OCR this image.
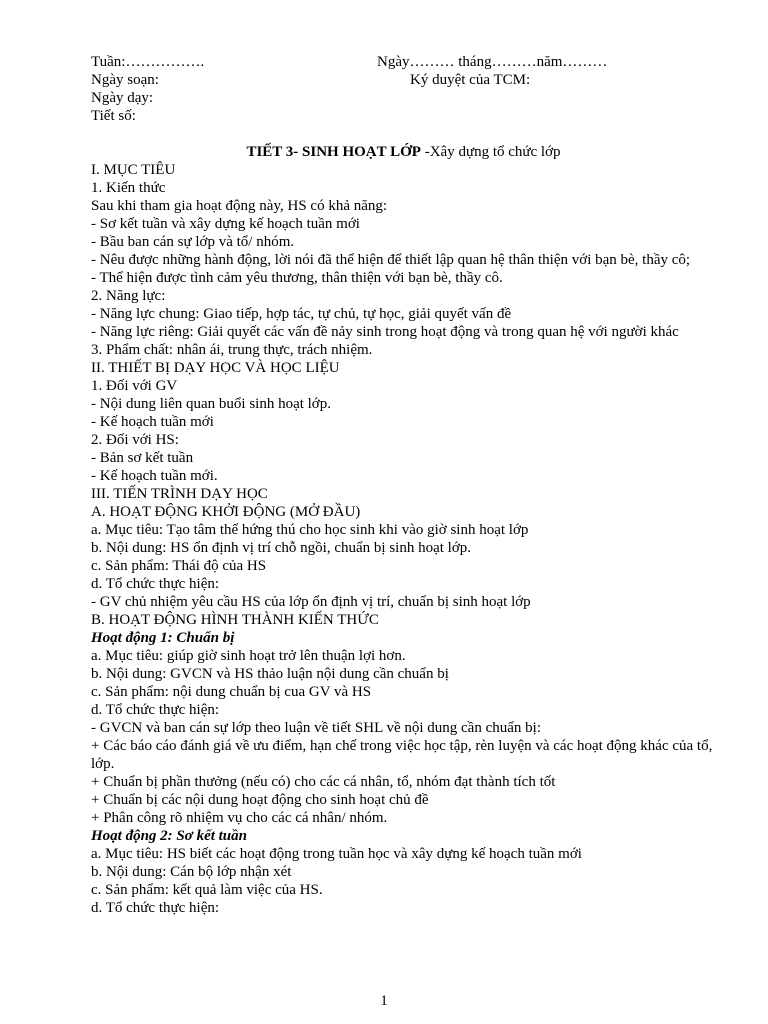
Tuần:…………….	Ngày……… tháng………năm………
Ngày soạn:	Ký duyệt của TCM:
Ngày dạy:
Tiết số:
TIẾT 3- SINH HOẠT LỚP -Xây dựng tổ chức lớp

I. MỤC TIÊU

1. Kiến thức

Sau khi tham gia hoạt động này, HS có khả năng:

- Sơ kết tuần và xây dựng kế hoạch tuần mới

- Bầu ban cán sự lớp và tổ/ nhóm.

- Nêu được những hành động, lời nói đã thể hiện để thiết lập quan hệ thân thiện với bạn bè, thầy cô;

- Thể hiện được tình cảm yêu thương, thân thiện với bạn bè, thầy cô.

2. Năng lực:

- Năng lực chung: Giao tiếp, hợp tác, tự chủ, tự học, giải quyết vấn đề

- Năng lực riêng: Giải quyết các vấn đề nảy sinh trong hoạt động và trong quan hệ với người khác

3. Phẩm chất: nhân ái, trung thực, trách nhiệm.

II. THIẾT BỊ DẠY HỌC VÀ HỌC LIỆU

1. Đối với GV

- Nội dung liên quan buổi sinh hoạt lớp.

- Kế hoạch tuần mới

2. Đối với HS:

- Bản sơ kết tuần

- Kế hoạch tuần mới.

III. TIẾN TRÌNH DẠY HỌC

A. HOẠT ĐỘNG KHỞI ĐỘNG (MỞ ĐẦU)

a. Mục tiêu: Tạo tâm thế hứng thú cho học sinh khi vào giờ sinh hoạt lớp

b. Nội dung: HS ổn định vị trí chỗ ngồi, chuẩn bị sinh hoạt lớp.

c. Sản phẩm: Thái độ của HS

d. Tổ chức thực hiện:

- GV chủ nhiệm yêu cầu HS của lớp ổn định vị trí, chuẩn bị sinh hoạt lớp

B. HOẠT ĐỘNG HÌNH THÀNH KIẾN THỨC

Hoạt động 1: Chuẩn bị

a. Mục tiêu: giúp giờ sinh hoạt trở lên thuận lợi hơn.

b. Nội dung: GVCN và HS thảo luận nội dung cần chuẩn bị

c. Sản phẩm: nội dung chuẩn bị cua GV và HS

d. Tổ chức thực hiện:

- GVCN và ban cán sự lớp theo luận về tiết SHL về nội dung cần chuẩn bị:

+ Các báo cáo đánh giá về ưu điểm, hạn chế trong việc học tập, rèn luyện và các hoạt động khác của tổ, lớp.

+ Chuẩn bị phần thưởng (nếu có) cho các cá nhân, tổ, nhóm đạt thành tích tốt

+ Chuẩn bị các nội dung hoạt động cho sinh hoạt chủ đề

+ Phân công rõ nhiệm vụ cho các cá nhân/ nhóm.

Hoạt động 2: Sơ kết tuần

a. Mục tiêu: HS biết các hoạt động trong tuần học và xây dựng kế hoạch tuần mới

b. Nội dung: Cán bộ lớp nhận xét

c. Sản phẩm: kết quả làm việc của HS.

d. Tổ chức thực hiện:

1
